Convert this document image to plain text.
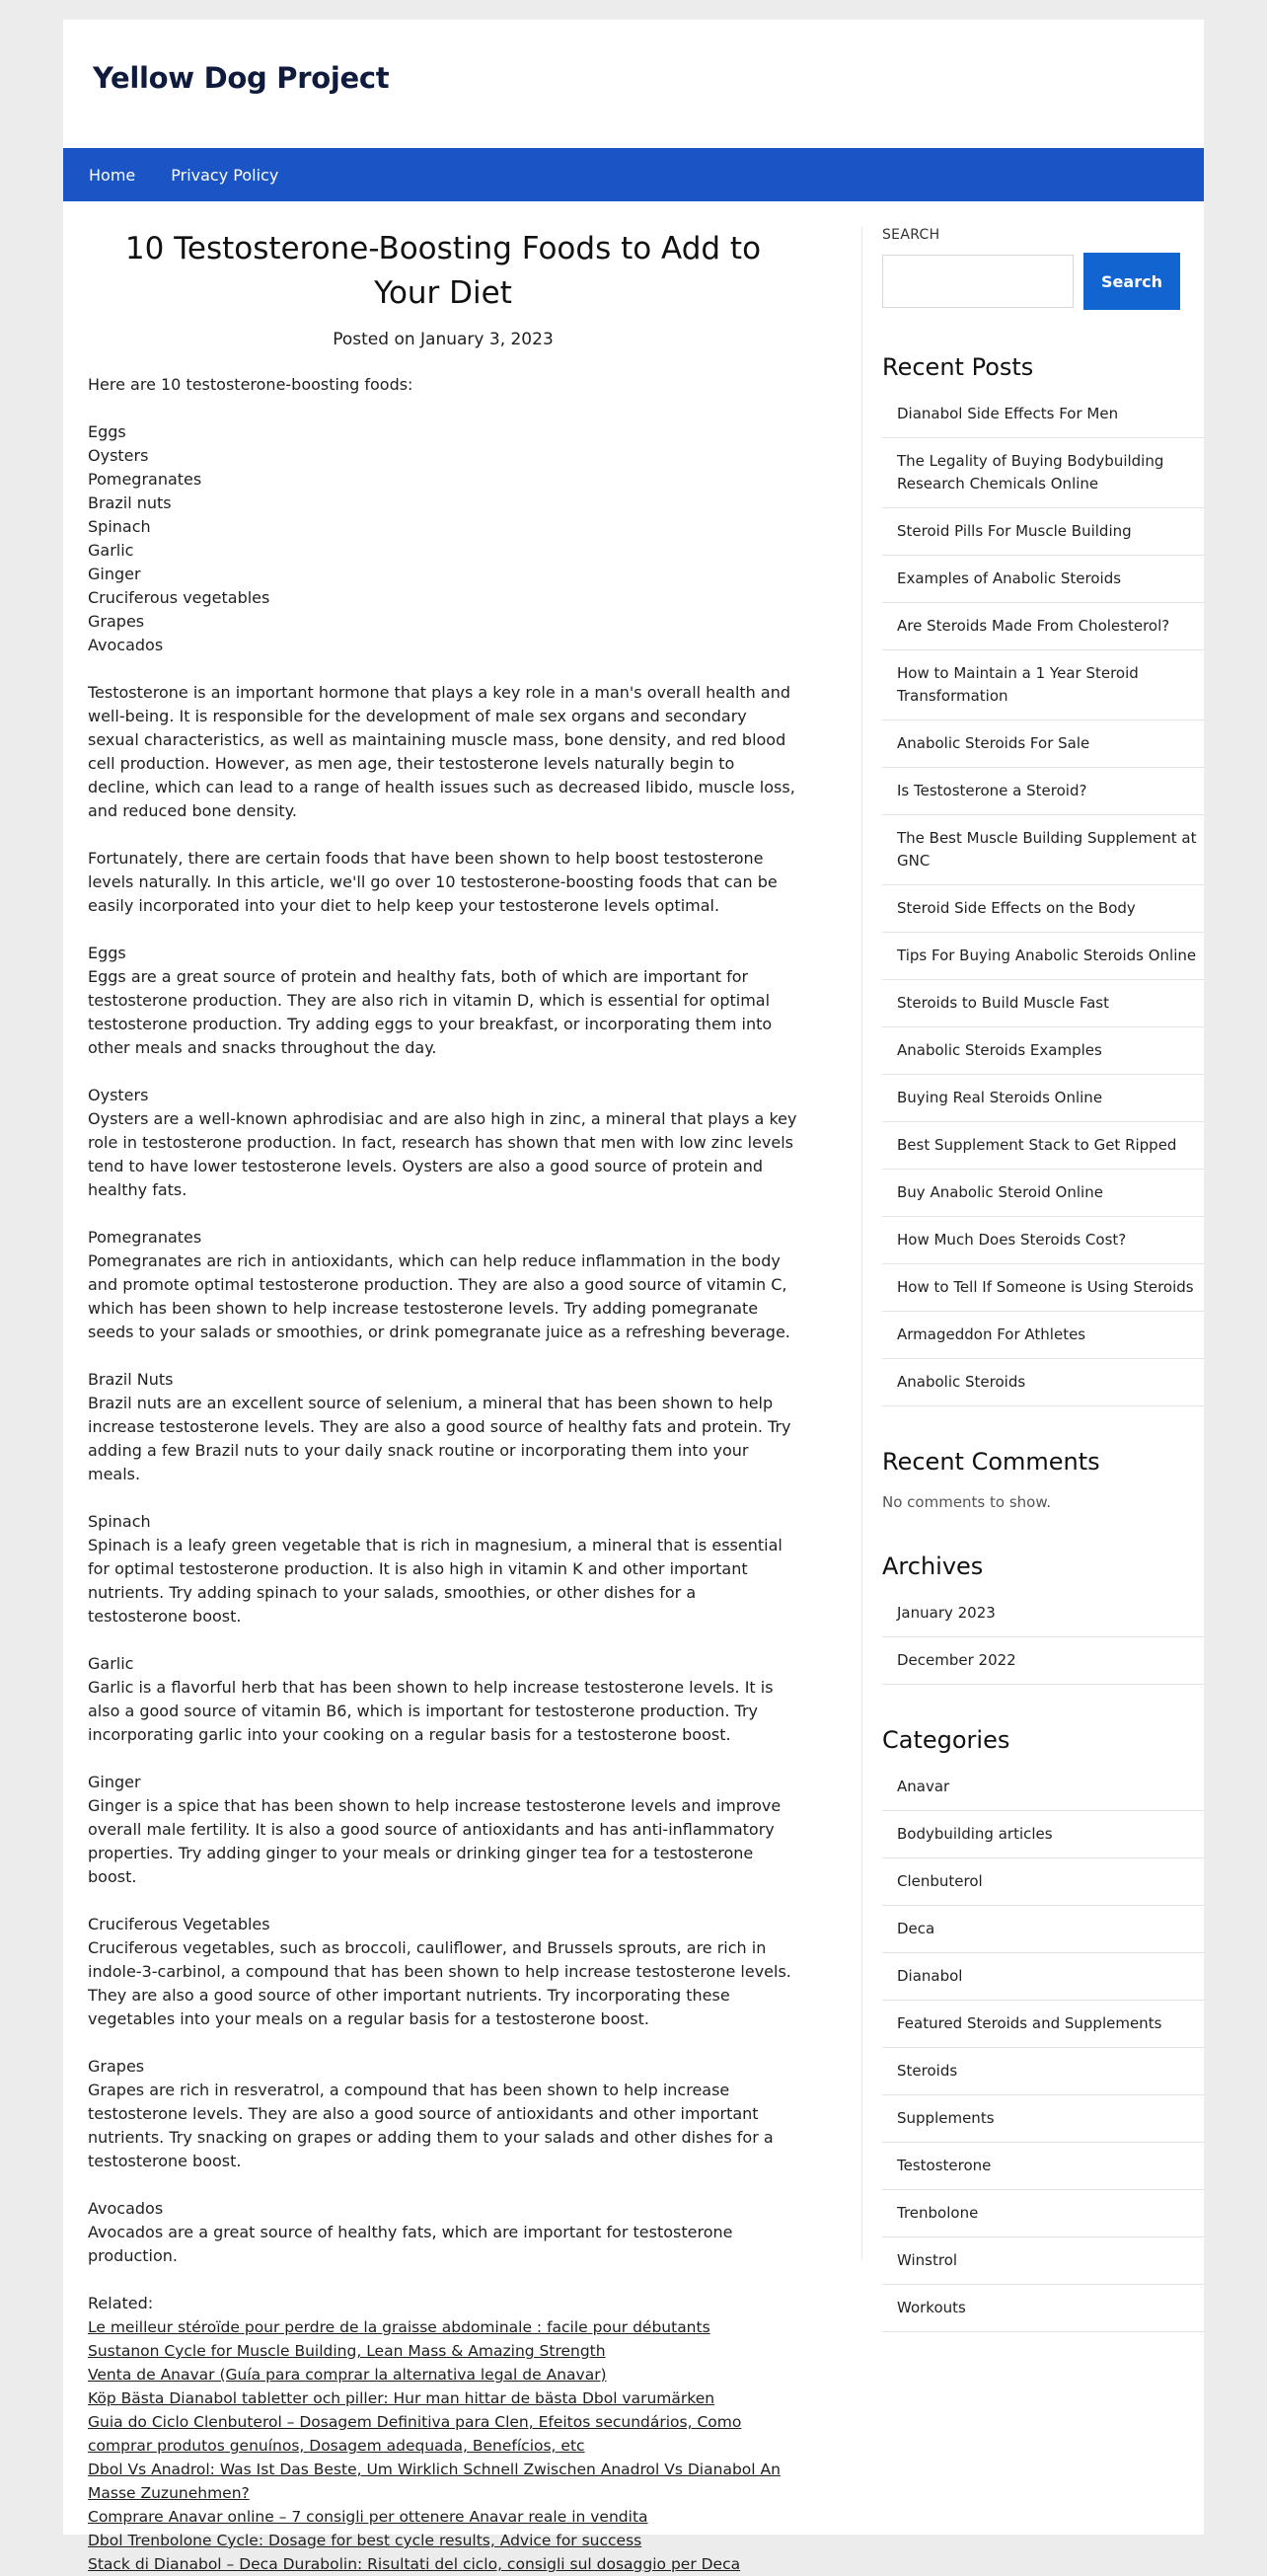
Yellow Dog Project
Home Privacy Policy
10 Testosterone-Boosting Foods to Add to Your Diet
Posted on January 3, 2023

Here are 10 testosterone-boosting foods:

Eggs
Oysters
Pomegranates
Brazil nuts
Spinach
Garlic
Ginger
Cruciferous vegetables
Grapes
Avocados

Testosterone is an important hormone that plays a key role in a man's overall health and well-being. It is responsible for the development of male sex organs and secondary sexual characteristics, as well as maintaining muscle mass, bone density, and red blood cell production. However, as men age, their testosterone levels naturally begin to decline, which can lead to a range of health issues such as decreased libido, muscle loss, and reduced bone density.

Fortunately, there are certain foods that have been shown to help boost testosterone levels naturally. In this article, we'll go over 10 testosterone-boosting foods that can be easily incorporated into your diet to help keep your testosterone levels optimal.

Eggs
Eggs are a great source of protein and healthy fats, both of which are important for testosterone production. They are also rich in vitamin D, which is essential for optimal testosterone production. Try adding eggs to your breakfast, or incorporating them into other meals and snacks throughout the day.
Oysters
Oysters are a well-known aphrodisiac and are also high in zinc, a mineral that plays a key role in testosterone production. In fact, research has shown that men with low zinc levels tend to have lower testosterone levels. Oysters are also a good source of protein and healthy fats.
Pomegranates
Pomegranates are rich in antioxidants, which can help reduce inflammation in the body and promote optimal testosterone production. They are also a good source of vitamin C, which has been shown to help increase testosterone levels. Try adding pomegranate seeds to your salads or smoothies, or drink pomegranate juice as a refreshing beverage.
Brazil Nuts
Brazil nuts are an excellent source of selenium, a mineral that has been shown to help increase testosterone levels. They are also a good source of healthy fats and protein. Try adding a few Brazil nuts to your daily snack routine or incorporating them into your meals.
Spinach
Spinach is a leafy green vegetable that is rich in magnesium, a mineral that is essential for optimal testosterone production. It is also high in vitamin K and other important nutrients. Try adding spinach to your salads, smoothies, or other dishes for a testosterone boost.
Garlic
Garlic is a flavorful herb that has been shown to help increase testosterone levels. It is also a good source of vitamin B6, which is important for testosterone production. Try incorporating garlic into your cooking on a regular basis for a testosterone boost.
Ginger
Ginger is a spice that has been shown to help increase testosterone levels and improve overall male fertility. It is also a good source of antioxidants and has anti-inflammatory properties. Try adding ginger to your meals or drinking ginger tea for a testosterone boost.
Cruciferous Vegetables
Cruciferous vegetables, such as broccoli, cauliflower, and Brussels sprouts, are rich in indole-3-carbinol, a compound that has been shown to help increase testosterone levels. They are also a good source of other important nutrients. Try incorporating these vegetables into your meals on a regular basis for a testosterone boost.
Grapes
Grapes are rich in resveratrol, a compound that has been shown to help increase testosterone levels. They are also a good source of antioxidants and other important nutrients. Try snacking on grapes or adding them to your salads and other dishes for a testosterone boost.
Avocados
Avocados are a great source of healthy fats, which are important for testosterone production.
Related:
Le meilleur stéroïde pour perdre de la graisse abdominale : facile pour débutants
Sustanon Cycle for Muscle Building, Lean Mass & Amazing Strength
Venta de Anavar (Guía para comprar la alternativa legal de Anavar)
Köp Bästa Dianabol tabletter och piller: Hur man hittar de bästa Dbol varumärken
Guia do Ciclo Clenbuterol – Dosagem Definitiva para Clen, Efeitos secundários, Como comprar produtos genuínos, Dosagem adequada, Benefícios, etc
Dbol Vs Anadrol: Was Ist Das Beste, Um Wirklich Schnell Zwischen Anadrol Vs Dianabol An Masse Zuzunehmen?
Comprare Anavar online – 7 consigli per ottenere Anavar reale in vendita
Dbol Trenbolone Cycle: Dosage for best cycle results, Advice for success
Stack di Dianabol – Deca Durabolin: Risultati del ciclo, consigli sul dosaggio per Deca
SEARCH
Search
Recent Posts
Dianabol Side Effects For Men
The Legality of Buying Bodybuilding Research Chemicals Online
Steroid Pills For Muscle Building
Examples of Anabolic Steroids
Are Steroids Made From Cholesterol?
How to Maintain a 1 Year Steroid Transformation
Anabolic Steroids For Sale
Is Testosterone a Steroid?
The Best Muscle Building Supplement at GNC
Steroid Side Effects on the Body
Tips For Buying Anabolic Steroids Online
Steroids to Build Muscle Fast
Anabolic Steroids Examples
Buying Real Steroids Online
Best Supplement Stack to Get Ripped
Buy Anabolic Steroid Online
How Much Does Steroids Cost?
How to Tell If Someone is Using Steroids
Armageddon For Athletes
Anabolic Steroids
Recent Comments
No comments to show.
Archives
January 2023
December 2022
Categories
Anavar
Bodybuilding articles
Clenbuterol
Deca
Dianabol
Featured Steroids and Supplements
Steroids
Supplements
Testosterone
Trenbolone
Winstrol
Workouts
